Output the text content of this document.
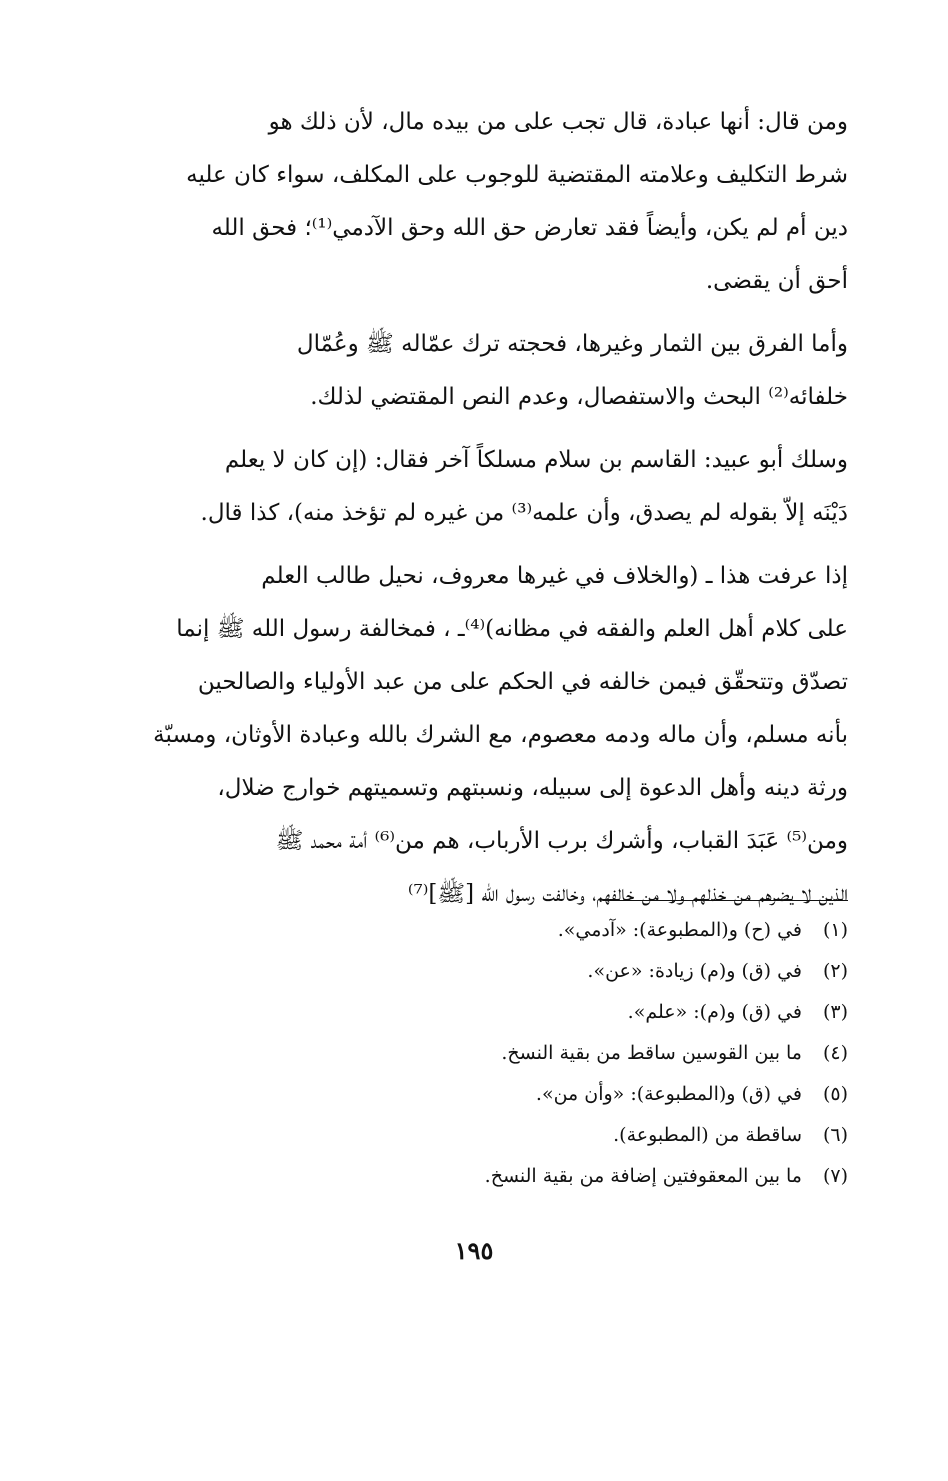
ومن قال: أنها عبادة، قال تجب على من بيده مال، لأن ذلك هو
شرط التكليف وعلامته المقتضية للوجوب على المكلف، سواء كان عليه
دين أم لم يكن، وأيضاً فقد تعارض حق الله وحق الآدمي⁽¹⁾؛ فحق الله
أحق أن يقضى.
وأما الفرق بين الثمار وغيرها، فحجته ترك عمّاله ﷺ وعُمّال
خلفائه⁽²⁾ البحث والاستفصال، وعدم النص المقتضي لذلك.
وسلك أبو عبيد: القاسم بن سلام مسلكاً آخر فقال: (إن كان لا يعلم
دَيْنَه إلاّ بقوله لم يصدق، وأن علمه⁽³⁾ من غيره لم تؤخذ منه)، كذا قال.
إذا عرفت هذا ـ (والخلاف في غيرها معروف، نحيل طالب العلم
على كلام أهل العلم والفقه في مظانه)⁽⁴⁾ـ ، فمخالفة رسول الله ﷺ إنما
تصدّق وتتحقّق فيمن خالفه في الحكم على من عبد الأولياء والصالحين
بأنه مسلم، وأن ماله ودمه معصوم، مع الشرك بالله وعبادة الأوثان، ومسبّة
ورثة دينه وأهل الدعوة إلى سبيله، ونسبتهم وتسميتهم خوارج ضلال،
ومن⁽⁵⁾ عَبَدَ القباب، وأشرك برب الأرباب، هم من⁽⁶⁾ أمة محمد ﷺ
الذين لا يضرهم من خذلهم ولا من خالفهم، وخالفت رسول الله [ﷺ]⁽⁷⁾
(١)في (ح) و(المطبوعة): «آدمي».
(٢)في (ق) و(م) زيادة: «عن».
(٣)في (ق) و(م): «علم».
(٤)ما بين القوسين ساقط من بقية النسخ.
(٥)في (ق) و(المطبوعة): «وأن من».
(٦)ساقطة من (المطبوعة).
(٧)ما بين المعقوفتين إضافة من بقية النسخ.
١٩٥
